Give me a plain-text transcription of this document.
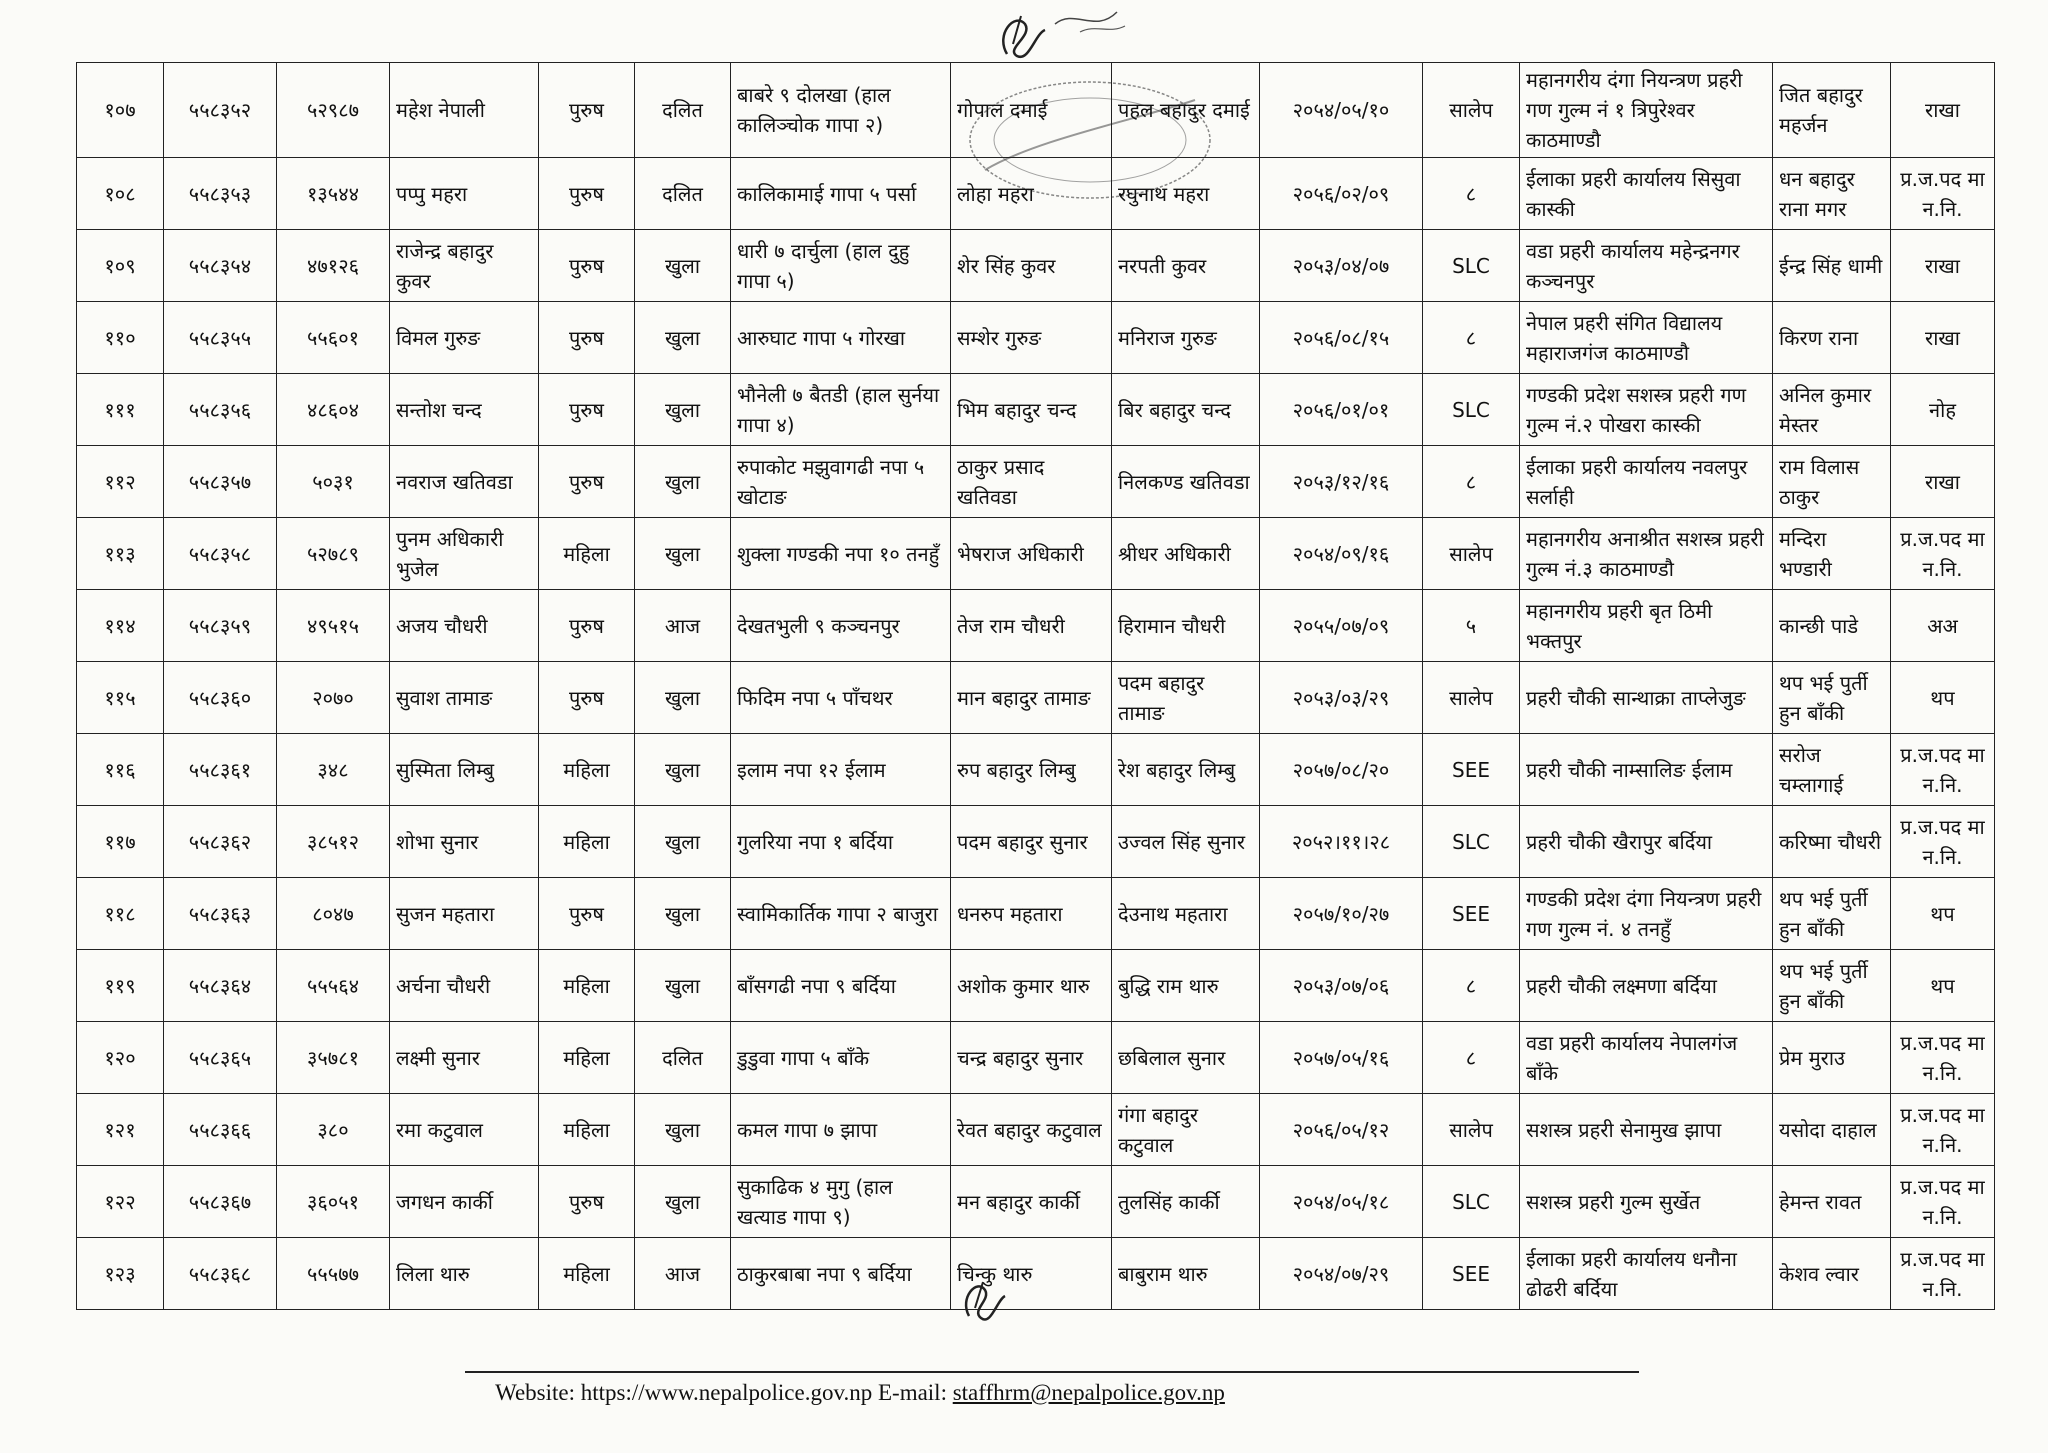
१०७	५५८३५२	५२९८७	महेश नेपाली	पुरुष	दलित	बाबरे ९ दोलखा (हाल कालिञ्चोक गापा २)	गोपाल दमाई	पहल बहादुर दमाई	२०५४/०५/१०	सालेप	महानगरीय दंगा नियन्त्रण प्रहरी गण गुल्म नं १ त्रिपुरेश्वर काठमाण्डौ	जित बहादुर महर्जन	राखा
१०८	५५८३५३	१३५४४	पप्पु महरा	पुरुष	दलित	कालिकामाई गापा ५ पर्सा	लोहा महरा	रघुनाथ महरा	२०५६/०२/०९	८	ईलाका प्रहरी कार्यालय सिसुवा कास्की	धन बहादुर राना मगर	प्र.ज.पद मा न.नि.
१०९	५५८३५४	४७१२६	राजेन्द्र बहादुर कुवर	पुरुष	खुला	धारी ७ दार्चुला (हाल दुहु गापा ५)	शेर सिंह कुवर	नरपती कुवर	२०५३/०४/०७	SLC	वडा प्रहरी कार्यालय महेन्द्रनगर कञ्चनपुर	ईन्द्र सिंह धामी	राखा
११०	५५८३५५	५५६०१	विमल गुरुङ	पुरुष	खुला	आरुघाट गापा ५ गोरखा	सम्शेर गुरुङ	मनिराज गुरुङ	२०५६/०८/१५	८	नेपाल प्रहरी संगित विद्यालय महाराजगंज काठमाण्डौ	किरण राना	राखा
१११	५५८३५६	४८६०४	सन्तोश चन्द	पुरुष	खुला	भौनेली ७ बैतडी (हाल सुर्नया गापा ४)	भिम बहादुर चन्द	बिर बहादुर चन्द	२०५६/०१/०१	SLC	गण्डकी प्रदेश सशस्त्र प्रहरी गण गुल्म नं.२ पोखरा कास्की	अनिल कुमार मेस्तर	नोह
११२	५५८३५७	५०३१	नवराज खतिवडा	पुरुष	खुला	रुपाकोट मझुवागढी नपा ५ खोटाङ	ठाकुर प्रसाद खतिवडा	निलकण्ड खतिवडा	२०५३/१२/१६	८	ईलाका प्रहरी कार्यालय नवलपुर सर्लाही	राम विलास ठाकुर	राखा
११३	५५८३५८	५२७८९	पुनम अधिकारी भुजेल	महिला	खुला	शुक्ला गण्डकी नपा १० तनहुँ	भेषराज अधिकारी	श्रीधर अधिकारी	२०५४/०९/१६	सालेप	महानगरीय अनाश्रीत सशस्त्र प्रहरी गुल्म नं.३ काठमाण्डौ	मन्दिरा भण्डारी	प्र.ज.पद मा न.नि.
११४	५५८३५९	४९५१५	अजय चौधरी	पुरुष	आज	देखतभुली ९ कञ्चनपुर	तेज राम चौधरी	हिरामान चौधरी	२०५५/०७/०९	५	महानगरीय प्रहरी बृत ठिमी भक्तपुर	कान्छी पाडे	अअ
११५	५५८३६०	२०७०	सुवाश तामाङ	पुरुष	खुला	फिदिम नपा ५ पाँचथर	मान बहादुर तामाङ	पदम बहादुर तामाङ	२०५३/०३/२९	सालेप	प्रहरी चौकी सान्थाक्रा ताप्लेजुङ	थप भई पुर्ती हुन बाँकी	थप
११६	५५८३६१	३४८	सुस्मिता लिम्बु	महिला	खुला	इलाम नपा १२ ईलाम	रुप बहादुर लिम्बु	रेश बहादुर लिम्बु	२०५७/०८/२०	SEE	प्रहरी चौकी नाम्सालिङ ईलाम	सरोज चम्लागाई	प्र.ज.पद मा न.नि.
११७	५५८३६२	३८५१२	शोभा सुनार	महिला	खुला	गुलरिया नपा १ बर्दिया	पदम बहादुर सुनार	उज्वल सिंह सुनार	२०५२।११।२८	SLC	प्रहरी चौकी खैरापुर बर्दिया	करिष्मा चौधरी	प्र.ज.पद मा न.नि.
११८	५५८३६३	८०४७	सुजन महतारा	पुरुष	खुला	स्वामिकार्तिक गापा २ बाजुरा	धनरुप महतारा	देउनाथ महतारा	२०५७/१०/२७	SEE	गण्डकी प्रदेश दंगा नियन्त्रण प्रहरी गण गुल्म नं. ४ तनहुँ	थप भई पुर्ती हुन बाँकी	थप
११९	५५८३६४	५५५६४	अर्चना चौधरी	महिला	खुला	बाँसगढी नपा ९ बर्दिया	अशोक कुमार थारु	बुद्धि राम थारु	२०५३/०७/०६	८	प्रहरी चौकी लक्ष्मणा बर्दिया	थप भई पुर्ती हुन बाँकी	थप
१२०	५५८३६५	३५७८१	लक्ष्मी सुनार	महिला	दलित	डुडुवा गापा ५ बाँके	चन्द्र बहादुर सुनार	छबिलाल सुनार	२०५७/०५/१६	८	वडा प्रहरी कार्यालय नेपालगंज बाँके	प्रेम मुराउ	प्र.ज.पद मा न.नि.
१२१	५५८३६६	३८०	रमा कटुवाल	महिला	खुला	कमल गापा ७ झापा	रेवत बहादुर कटुवाल	गंगा बहादुर कटुवाल	२०५६/०५/१२	सालेप	सशस्त्र प्रहरी सेनामुख झापा	यसोदा दाहाल	प्र.ज.पद मा न.नि.
१२२	५५८३६७	३६०५१	जगधन कार्की	पुरुष	खुला	सुकाढिक ४ मुगु (हाल खत्याड गापा ९)	मन बहादुर कार्की	तुलसिंह कार्की	२०५४/०५/१८	SLC	सशस्त्र प्रहरी गुल्म सुर्खेत	हेमन्त रावत	प्र.ज.पद मा न.नि.
१२३	५५८३६८	५५५७७	लिला थारु	महिला	आज	ठाकुरबाबा नपा ९ बर्दिया	चिन्कु थारु	बाबुराम थारु	२०५४/०७/२९	SEE	ईलाका प्रहरी कार्यालय धनौना ढोढरी बर्दिया	केशव ल्वार	प्र.ज.पद मा न.नि.
Website: https://www.nepalpolice.gov.np E-mail: staffhrm@nepalpolice.gov.np
